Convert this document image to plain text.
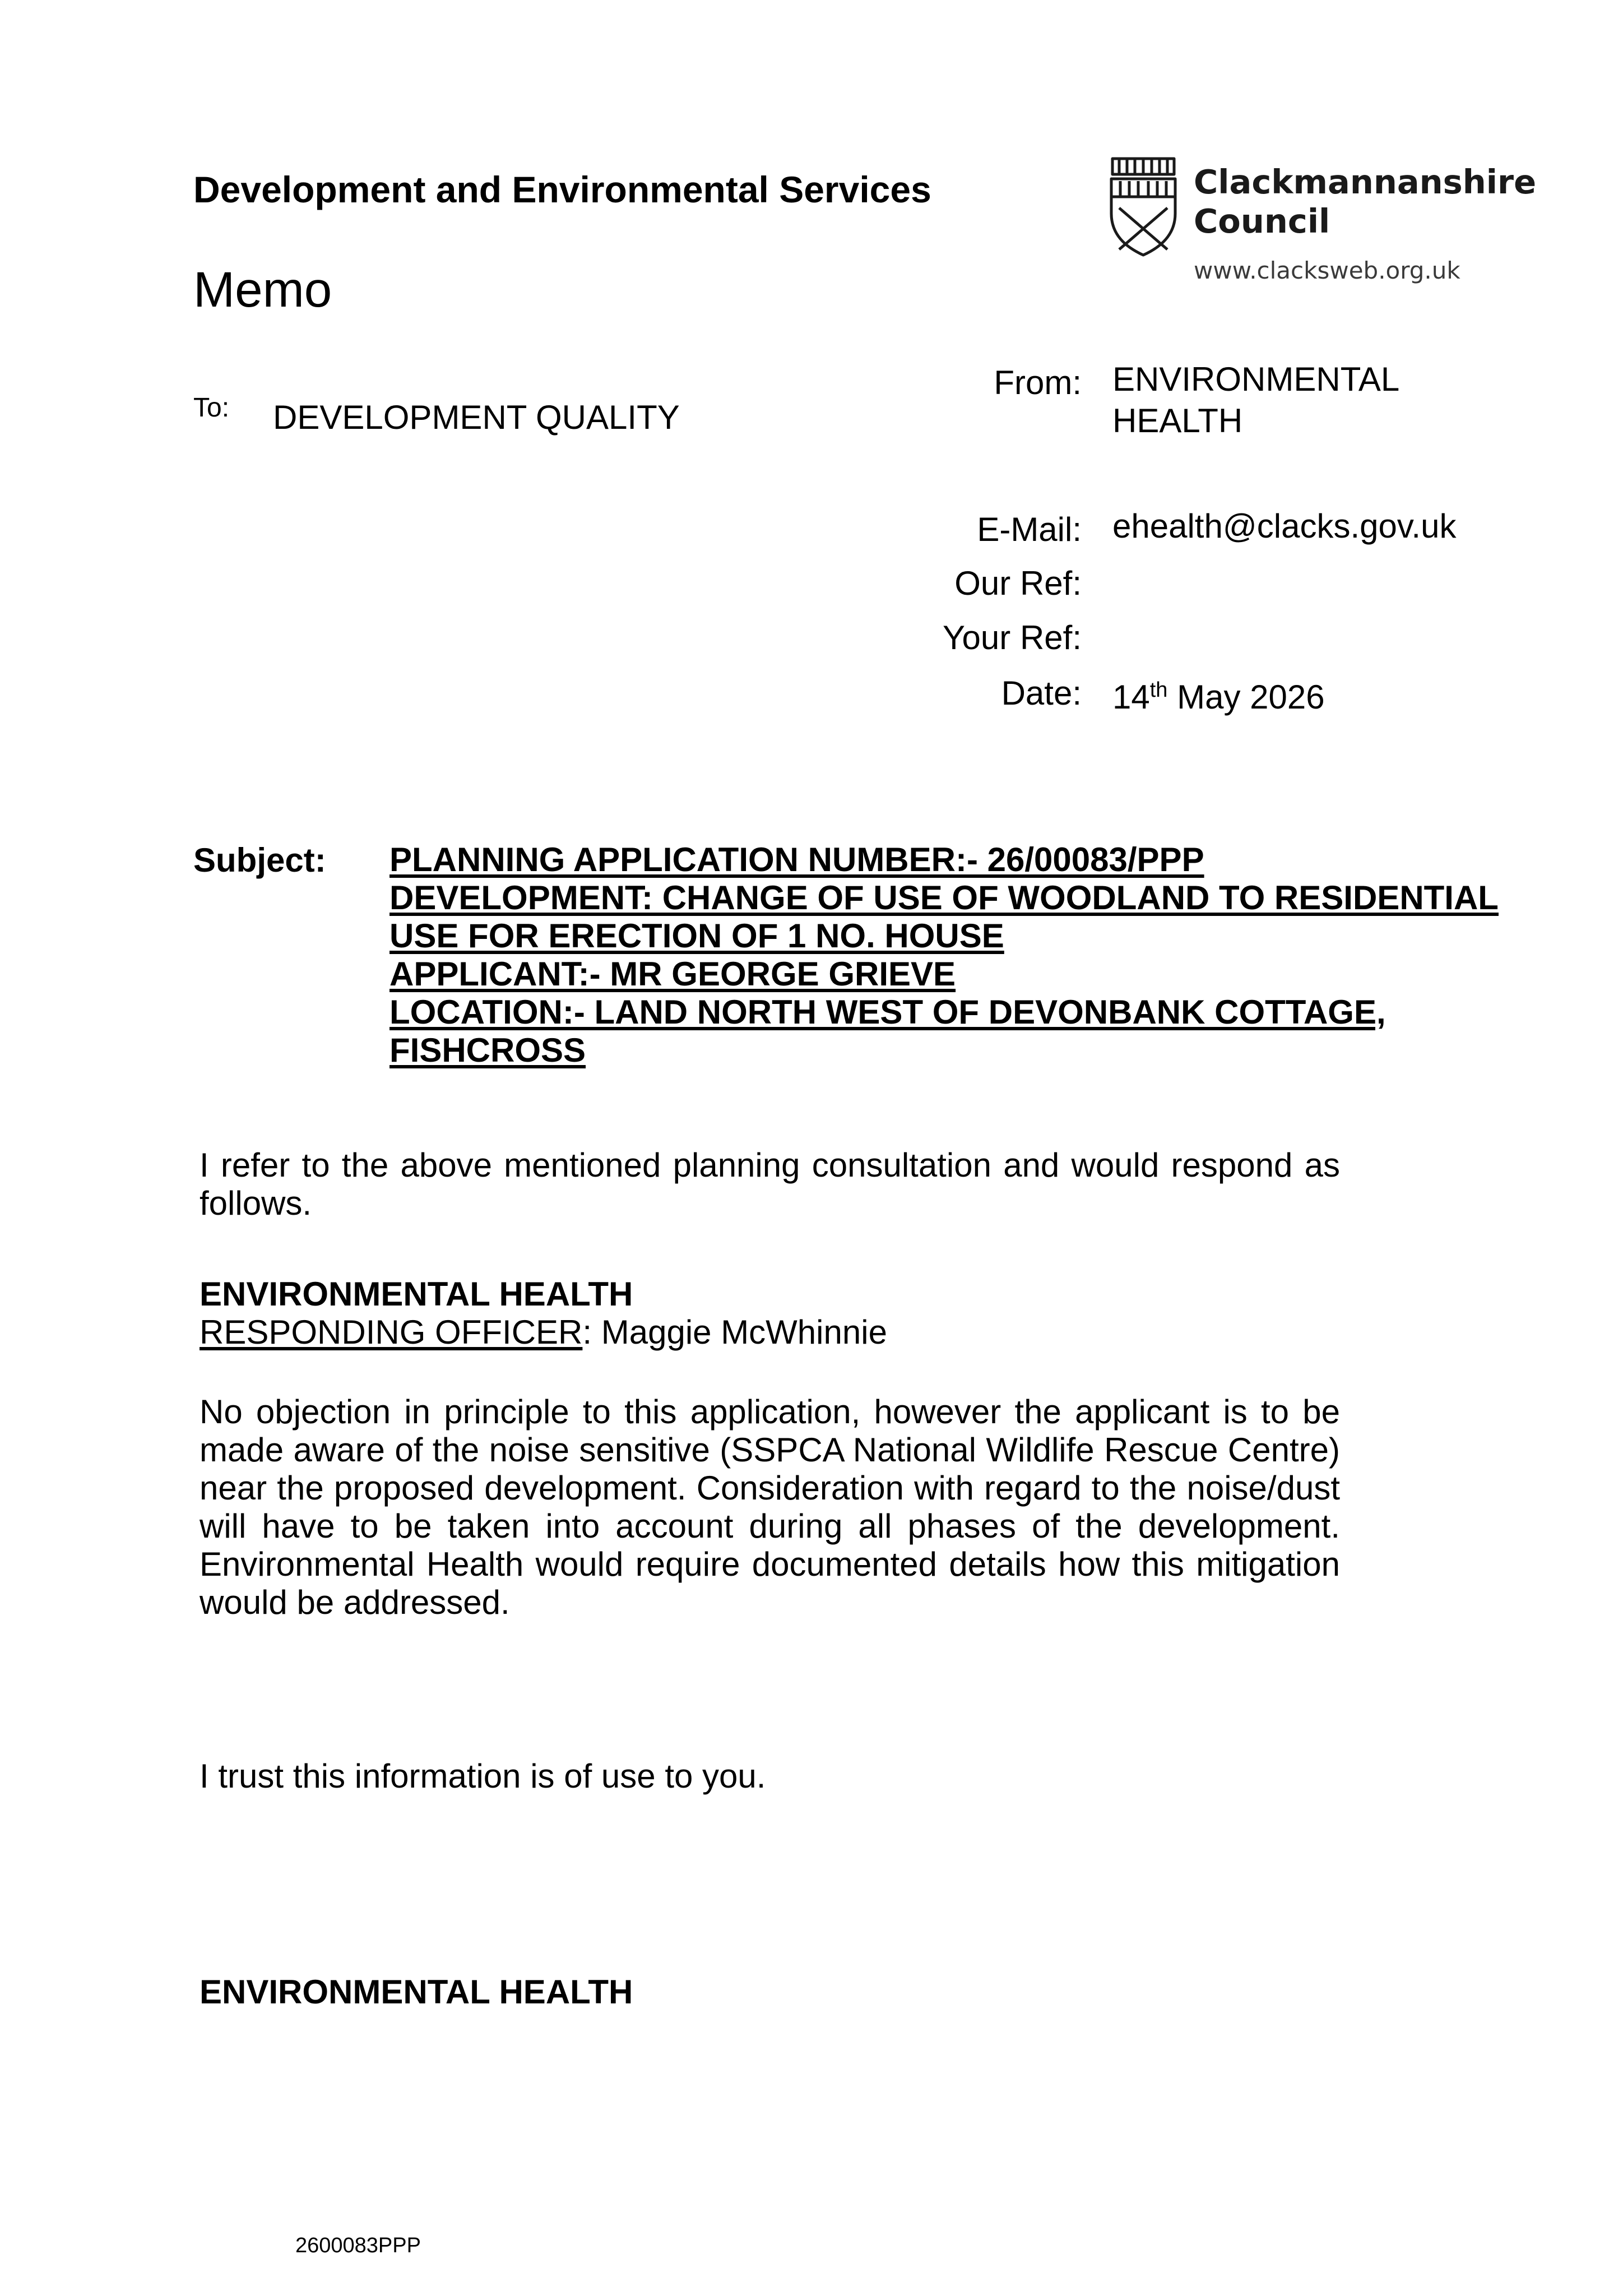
Development and Environmental Services
Memo
Clackmannanshire
Council
www.clacksweb.org.uk
To: DEVELOPMENT QUALITY
From: ENVIRONMENTAL
HEALTH
E-Mail: ehealth@clacks.gov.uk
Our Ref:
Your Ref:
Date: 14th May 2026
Subject: PLANNING APPLICATION NUMBER:- 26/00083/PPP
DEVELOPMENT: CHANGE OF USE OF WOODLAND TO RESIDENTIAL
USE FOR ERECTION OF 1 NO. HOUSE
APPLICANT:- MR GEORGE GRIEVE
LOCATION:- LAND NORTH WEST OF DEVONBANK COTTAGE,
FISHCROSS
I refer to the above mentioned planning consultation and would respond as follows.
ENVIRONMENTAL HEALTH
RESPONDING OFFICER: Maggie McWhinnie
No objection in principle to this application, however the applicant is to be made aware of the noise sensitive (SSPCA National Wildlife Rescue Centre) near the proposed development. Consideration with regard to the noise/dust will have to be taken into account during all phases of the development. Environmental Health would require documented details how this mitigation would be addressed.
I trust this information is of use to you.
ENVIRONMENTAL HEALTH
2600083PPP
